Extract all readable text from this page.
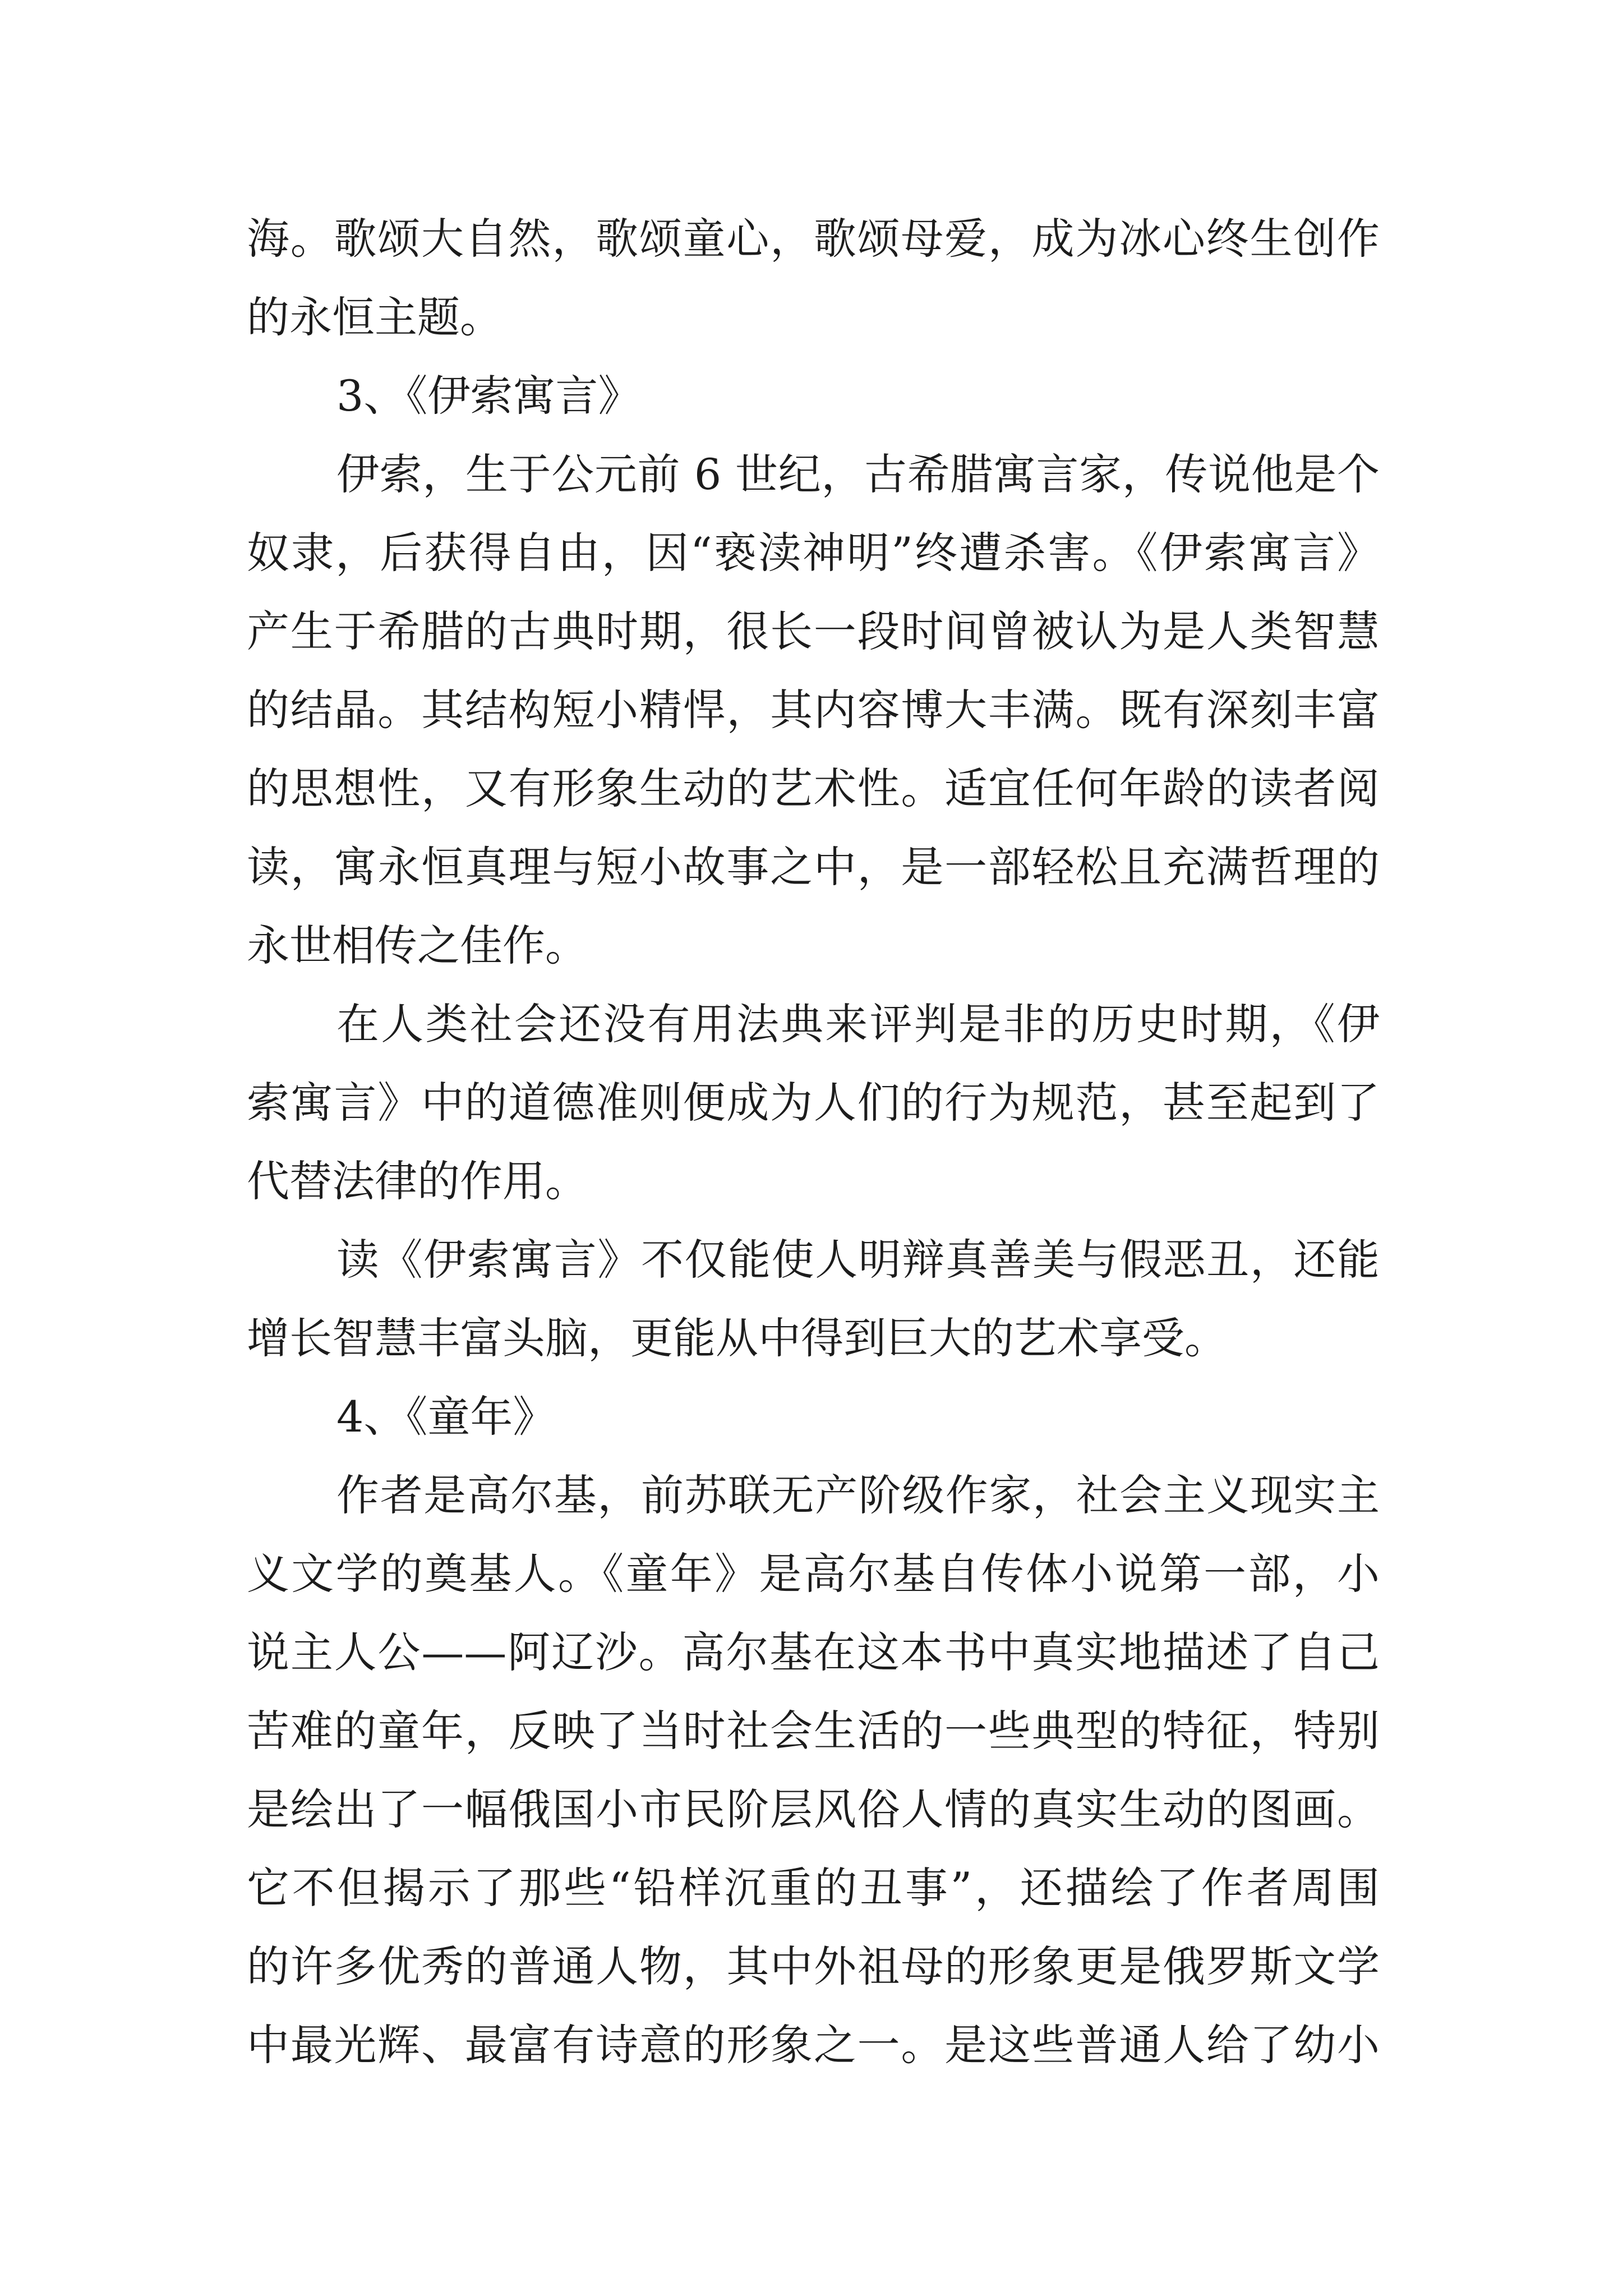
海。歌颂大自然，歌颂童心，歌颂母爱，成为冰心终生创作
的永恒主题。
3、《伊索寓言》
伊索，生于公元前 6 世纪，古希腊寓言家，传说他是个
奴隶，后获得自由，因“亵渎神明”终遭杀害。《伊索寓言》
产生于希腊的古典时期，很长一段时间曾被认为是人类智慧
的结晶。其结构短小精悍，其内容博大丰满。既有深刻丰富
的思想性，又有形象生动的艺术性。适宜任何年龄的读者阅
读，寓永恒真理与短小故事之中，是一部轻松且充满哲理的
永世相传之佳作。
在人类社会还没有用法典来评判是非的历史时期，《伊
索寓言》中的道德准则便成为人们的行为规范，甚至起到了
代替法律的作用。
读《伊索寓言》不仅能使人明辩真善美与假恶丑，还能
增长智慧丰富头脑，更能从中得到巨大的艺术享受。
4、《童年》
作者是高尔基，前苏联无产阶级作家，社会主义现实主
义文学的奠基人。《童年》是高尔基自传体小说第一部，小
说主人公——阿辽沙。高尔基在这本书中真实地描述了自己
苦难的童年，反映了当时社会生活的一些典型的特征，特别
是绘出了一幅俄国小市民阶层风俗人情的真实生动的图画。
它不但揭示了那些“铅样沉重的丑事”，还描绘了作者周围
的许多优秀的普通人物，其中外祖母的形象更是俄罗斯文学
中最光辉、最富有诗意的形象之一。是这些普通人给了幼小
